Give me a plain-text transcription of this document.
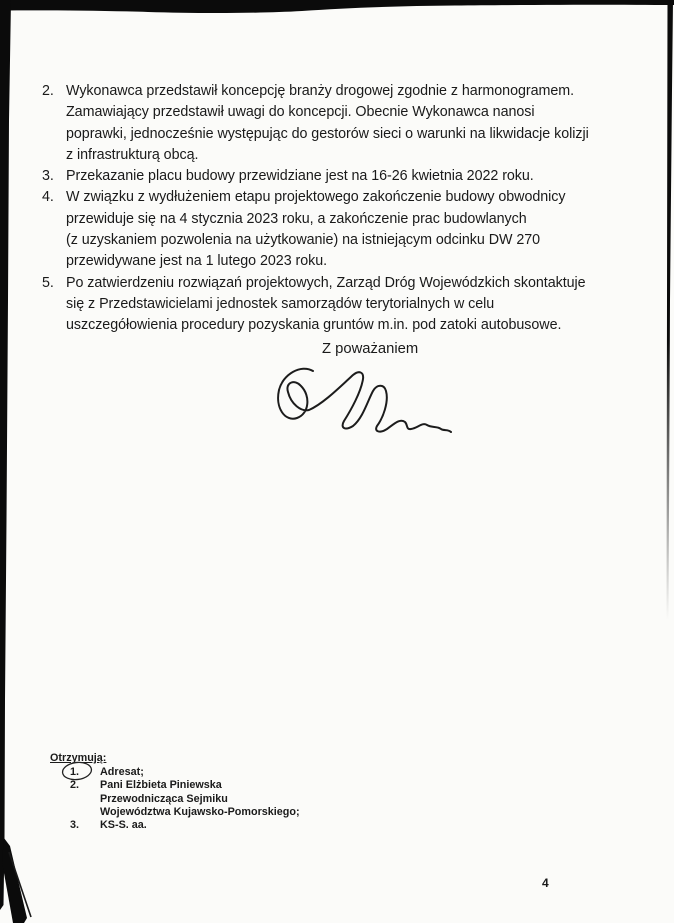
2. Wykonawca przedstawił koncepcję branży drogowej zgodnie z harmonogramem.
Zamawiający przedstawił uwagi do koncepcji. Obecnie Wykonawca nanosi
poprawki, jednocześnie występując do gestorów sieci o warunki na likwidacje kolizji
z infrastrukturą obcą.
3. Przekazanie placu budowy przewidziane jest na 16-26 kwietnia 2022 roku.
4. W związku z wydłużeniem etapu projektowego zakończenie budowy obwodnicy
przewiduje się na 4 stycznia 2023 roku, a zakończenie prac budowlanych
(z uzyskaniem pozwolenia na użytkowanie) na istniejącym odcinku DW 270
przewidywane jest na 1 lutego 2023 roku.
5. Po zatwierdzeniu rozwiązań projektowych, Zarząd Dróg Wojewódzkich skontaktuje
się z Przedstawicielami jednostek samorządów terytorialnych w celu
uszczegółowienia procedury pozyskania gruntów m.in. pod zatoki autobusowe.
Z poważaniem
Otrzymują:
1.	Adresat;
2.	Pani Elżbieta Piniewska
Przewodnicząca Sejmiku
Województwa Kujawsko-Pomorskiego;
3.	KS-S. aa.
4
